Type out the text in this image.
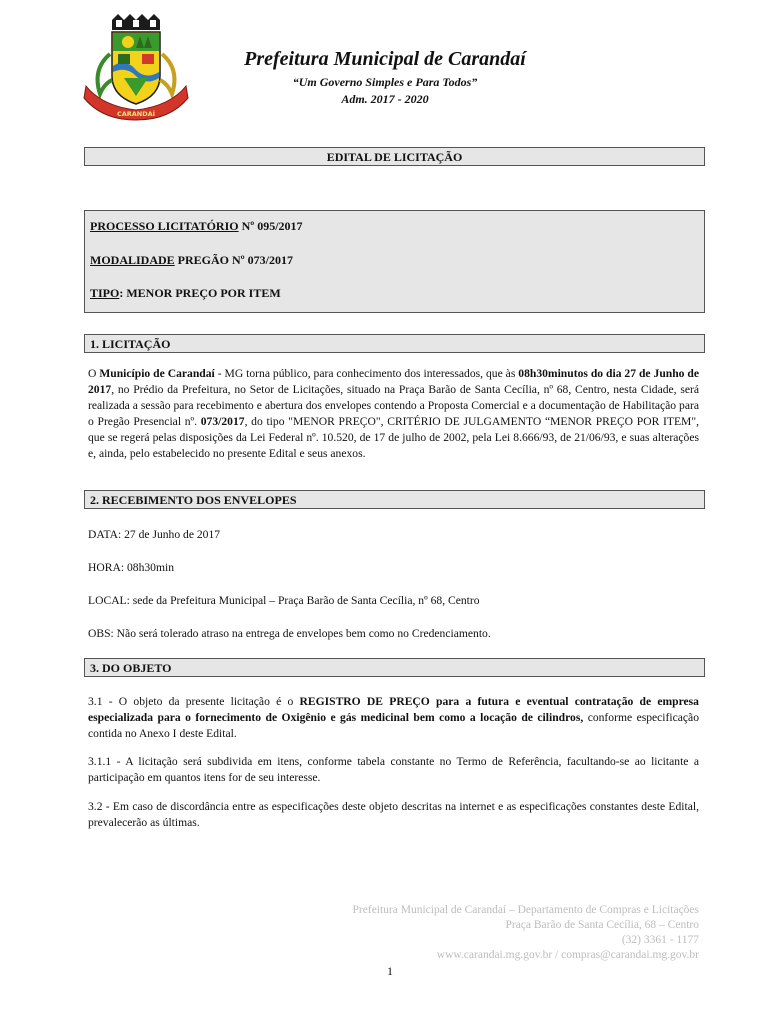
CARANDAÍ
Prefeitura Municipal de Carandaí
“Um Governo Simples e Para Todos”
Adm. 2017 - 2020
EDITAL DE LICITAÇÃO
PROCESSO LICITATÓRIO Nº 095/2017
MODALIDADE PREGÃO Nº 073/2017
TIPO: MENOR PREÇO POR ITEM
1. LICITAÇÃO
O Município de Carandaí - MG torna público, para conhecimento dos interessados, que às 08h30minutos do dia 27 de Junho de 2017, no Prédio da Prefeitura, no Setor de Licitações, situado na Praça Barão de Santa Cecília, nº 68, Centro, nesta Cidade, será realizada a sessão para recebimento e abertura dos envelopes contendo a Proposta Comercial e a documentação de Habilitação para o Pregão Presencial nº. 073/2017, do tipo "MENOR PREÇO", CRITÉRIO DE JULGAMENTO “MENOR PREÇO POR ITEM", que se regerá pelas disposições da Lei Federal nº. 10.520, de 17 de julho de 2002, pela Lei 8.666/93, de 21/06/93, e suas alterações e, ainda, pelo estabelecido no presente Edital e seus anexos.
2. RECEBIMENTO DOS ENVELOPES
DATA: 27 de Junho de 2017
HORA: 08h30min
LOCAL: sede da Prefeitura Municipal – Praça Barão de Santa Cecília, nº 68, Centro
OBS: Não será tolerado atraso na entrega de envelopes bem como no Credenciamento.
3. DO OBJETO
3.1 - O objeto da presente licitação é o REGISTRO DE PREÇO para a futura e eventual contratação de empresa especializada para o fornecimento de Oxigênio e gás medicinal bem como a locação de cilindros, conforme especificação contida no Anexo I deste Edital.
3.1.1 - A licitação será subdivida em itens, conforme tabela constante no Termo de Referência, facultando-se ao licitante a participação em quantos itens for de seu interesse.
3.2 - Em caso de discordância entre as especificações deste objeto descritas na internet e as especificações constantes deste Edital, prevalecerão as últimas.
Prefeitura Municipal de Carandaí – Departamento de Compras e Licitações
Praça Barão de Santa Cecília, 68 – Centro
(32) 3361 - 1177
www.carandai.mg.gov.br / compras@carandai.mg.gov.br
1
